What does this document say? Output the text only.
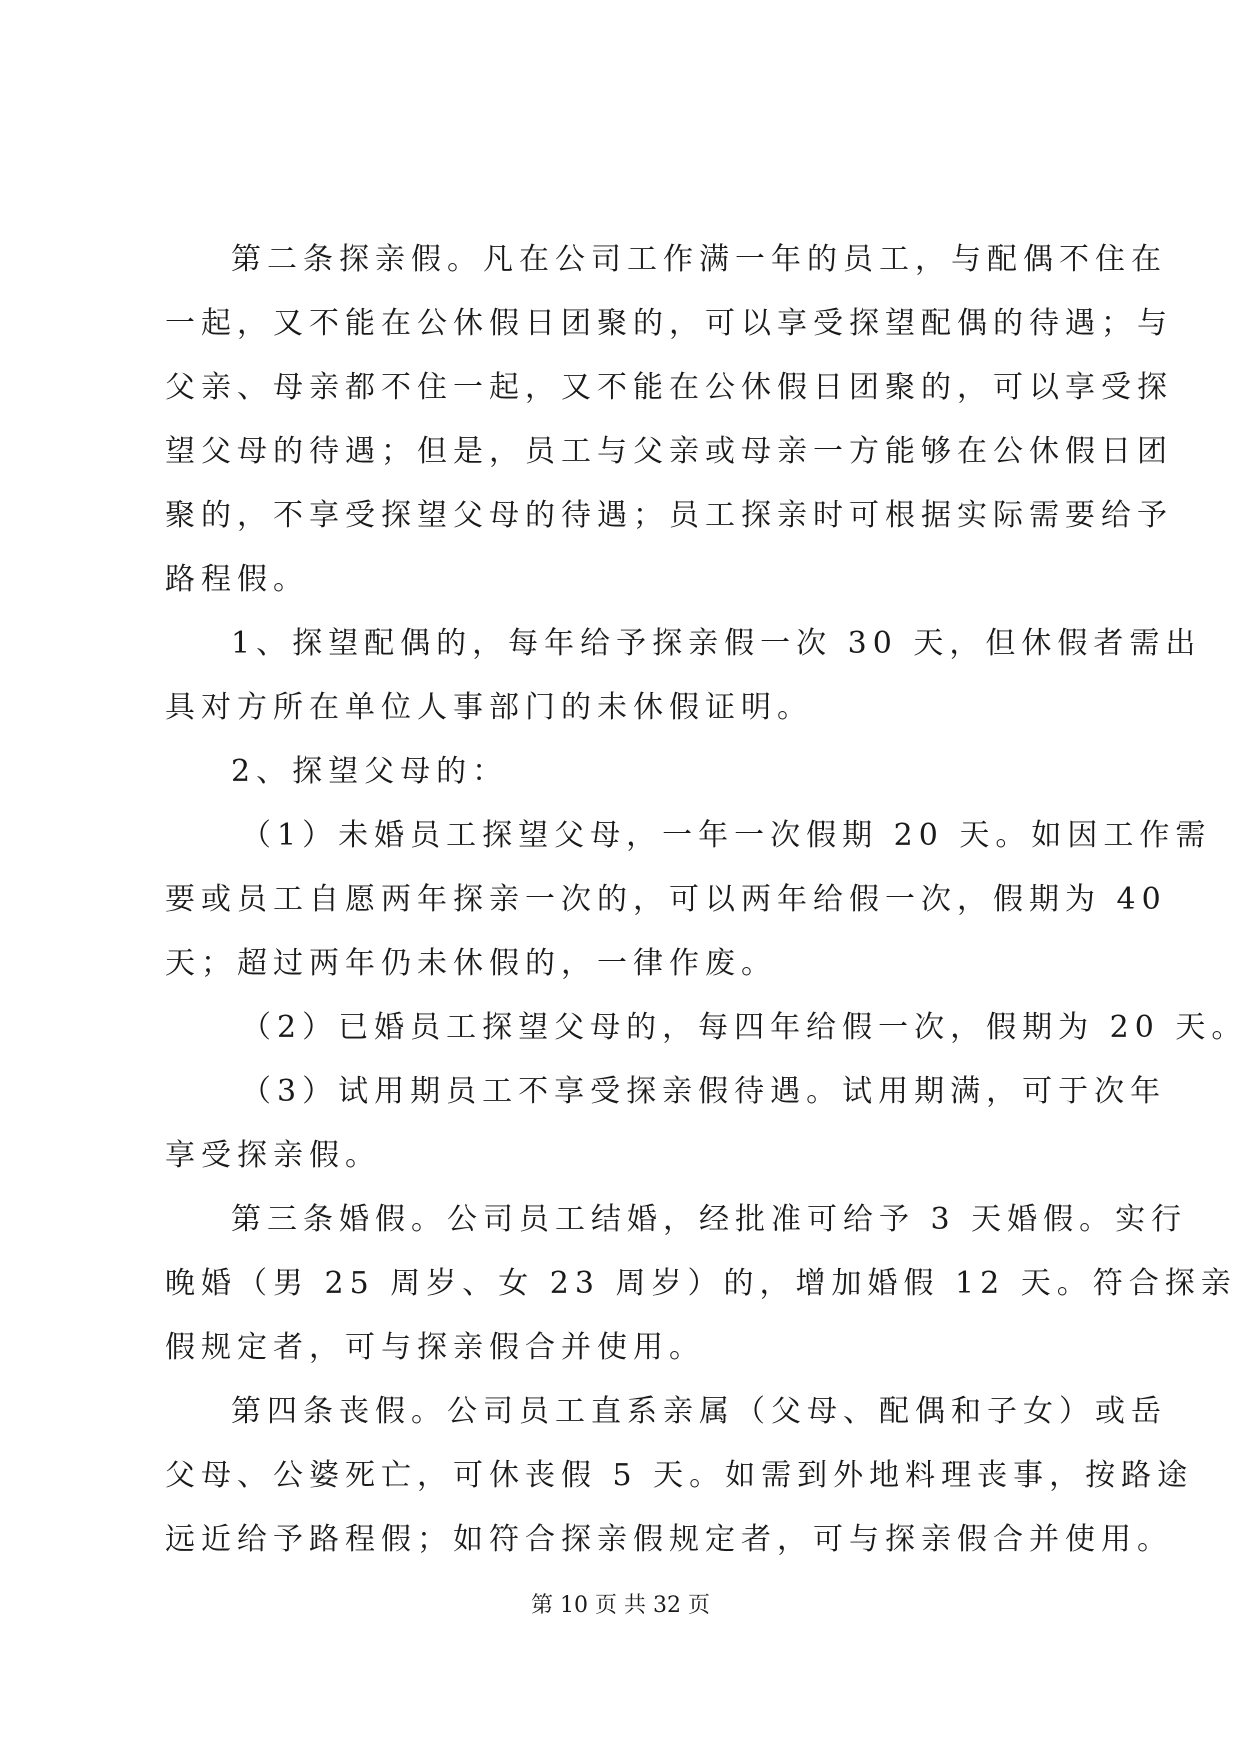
第二条探亲假。凡在公司工作满一年的员工，与配偶不住在
一起，又不能在公休假日团聚的，可以享受探望配偶的待遇；与
父亲、母亲都不住一起，又不能在公休假日团聚的，可以享受探
望父母的待遇；但是，员工与父亲或母亲一方能够在公休假日团
聚的，不享受探望父母的待遇；员工探亲时可根据实际需要给予
路程假。
1、探望配偶的，每年给予探亲假一次 30 天，但休假者需出
具对方所在单位人事部门的未休假证明。
2、探望父母的：
（1）未婚员工探望父母，一年一次假期 20 天。如因工作需
要或员工自愿两年探亲一次的，可以两年给假一次，假期为 40
天；超过两年仍未休假的，一律作废。
（2）已婚员工探望父母的，每四年给假一次，假期为 20 天。
（3）试用期员工不享受探亲假待遇。试用期满，可于次年
享受探亲假。
第三条婚假。公司员工结婚，经批准可给予 3 天婚假。实行
晚婚（男 25 周岁、女 23 周岁）的，增加婚假 12 天。符合探亲
假规定者，可与探亲假合并使用。
第四条丧假。公司员工直系亲属（父母、配偶和子女）或岳
父母、公婆死亡，可休丧假 5 天。如需到外地料理丧事，按路途
远近给予路程假；如符合探亲假规定者，可与探亲假合并使用。
第 10 页 共 32 页
